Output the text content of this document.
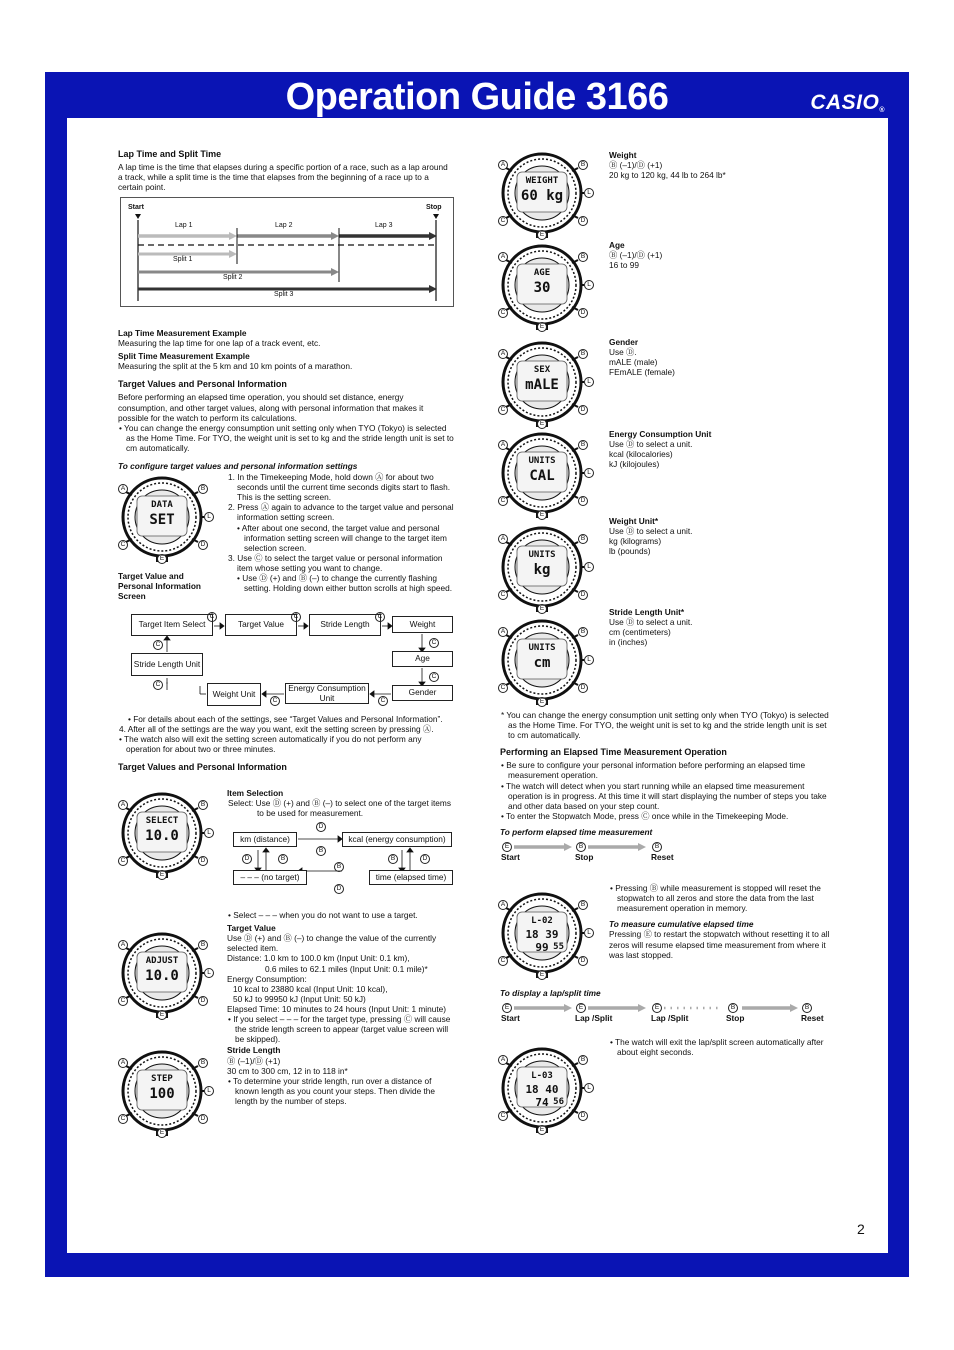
Operation Guide 3166	CASIO®
Lap Time and Split Time

A lap time is the time that elapses during a specific portion of a race, such as a lap around a track, while a split time is the time that elapses from the beginning of a race up to a certain point.

Start	Stop
Lap 1	Lap 2	Lap 3
Split 1
Split 2
Split 3
Lap Time Measurement Example

Measuring the lap time for one lap of a track event, etc.

Split Time Measurement Example

Measuring the split at the 5 km and 10 km points of a marathon.

Target Values and Personal Information

Before performing an elapsed time operation, you should set distance, energy consumption, and other target values, along with personal information that makes it possible for the watch to perform its calculations.

• You can change the energy consumption unit setting only when TYO (Tokyo) is selected as the Home Time. For TYO, the weight unit is set to kg and the stride length unit is set to cm automatically.

To configure target values and personal information settings

1. In the Timekeeping Mode, hold down Ⓐ for about two seconds until the current time seconds digits start to flash. This is the setting screen.

2. Press Ⓐ again to advance to the target value and personal information setting screen.

• After about one second, the target value and personal information setting screen will change to the target item selection screen.

3. Use Ⓒ to select the target value or personal information item whose setting you want to change.

• Use Ⓓ (+) and Ⓑ (–) to change the currently flashing setting. Holding down either button scrolls at high speed.

Target Value and Personal Information Screen
Target Item Select	Target Value	Stride Length	Weight
Age
Gender
Energy Consumption Unit
Weight Unit
Stride Length Unit
C	C	C
C
C
C
C
C
C

• For details about each of the settings, see “Target Values and Personal Information”.

4. After all of the settings are the way you want, exit the setting screen by pressing Ⓐ.

• The watch also will exit the setting screen automatically if you do not perform any operation for about two or three minutes.

Target Values and Personal Information
Item Selection

Select: Use Ⓓ (+) and Ⓑ (–) to select one of the target items to be used for measurement.

km (distance)	kcal (energy consumption)
– – – (no target)	time (elapsed time)
D
B
B
D
D	B	B	D

• Select – – – when you do not want to use a target.

Target Value

Use Ⓓ (+) and Ⓑ (–) to change the value of the currently selected item.

Distance: 1.0 km to 100.0 km (Input Unit: 0.1 km),

0.6 miles to 62.1 miles (Input Unit: 0.1 mile)*

Energy Consumption:

10 kcal to 23880 kcal (Input Unit: 10 kcal),

50 kJ to 99950 kJ (Input Unit: 50 kJ)

Elapsed Time: 10 minutes to 24 hours (Input Unit: 1 minute)

• If you select – – – for the target type, pressing Ⓒ will cause the stride length screen to appear (target value screen will be skipped).

Stride Length

Ⓑ (–1)/Ⓓ (+1)

30 cm to 300 cm, 12 in to 118 in*

• To determine your stride length, run over a distance of known length as you count your steps. Then divide the length by the number of steps.

Weight

Ⓑ (–1)/Ⓓ (+1)

20 kg to 120 kg, 44 lb to 264 lb*

Age

Ⓑ (–1)/Ⓓ (+1)

16 to 99

Gender

Use Ⓓ.

mALE (male)

FEmALE (female)

Energy Consumption Unit

Use Ⓓ to select a unit.

kcal (kilocalories)

kJ (kilojoules)

Weight Unit*

Use Ⓓ to select a unit.

kg (kilograms)

lb (pounds)

Stride Length Unit*

Use Ⓓ to select a unit.

cm (centimeters)

in (inches)

* You can change the energy consumption unit setting only when TYO (Tokyo) is selected as the Home Time. For TYO, the weight unit is set to kg and the stride length unit is set to cm automatically.

Performing an Elapsed Time Measurement Operation

• Be sure to configure your personal information before performing an elapsed time measurement operation.

• The watch will detect when you start running while an elapsed time measurement operation is in progress. At this time it will start displaying the number of steps you take and other data based on your step count.

• To enter the Stopwatch Mode, press Ⓒ once while in the Timekeeping Mode.

To perform elapsed time measurement

E	B	B
Start	Stop	Reset

• Pressing Ⓑ while measurement is stopped will reset the stopwatch to all zeros and store the data from the last measurement operation in memory.

To measure cumulative elapsed time

Pressing Ⓔ to restart the stopwatch without resetting it to all zeros will resume elapsed time measurement from where it was last stopped.

To display a lap/split time

E	E	E	B	B
Start	Lap /Split	Lap /Split	Stop	Reset

• The watch will exit the lap/split screen automatically after about eight seconds.

A	B
C	D
L
E
DATA
SET
A	B
C	D
L
E
SELECT
10.0
A	B
C	D
L
E
ADJUST
10.0
A	B
C	D
L
E
STEP
100
A	B
C	D
L
E
WEIGHT
60 kg
A	B
C	D
L
E
AGE
30
A	B
C	D
L
E
SEX
mALE
A	B
C	D
L
E
UNITS
CAL
A	B
C	D
L
E
UNITS
kg
A	B
C	D
L
E
UNITS
cm
A	B
C	D
L
E
L-02
18 39 99 55
A	B
C	D
L
E
L-03
18 40 74 56
2
